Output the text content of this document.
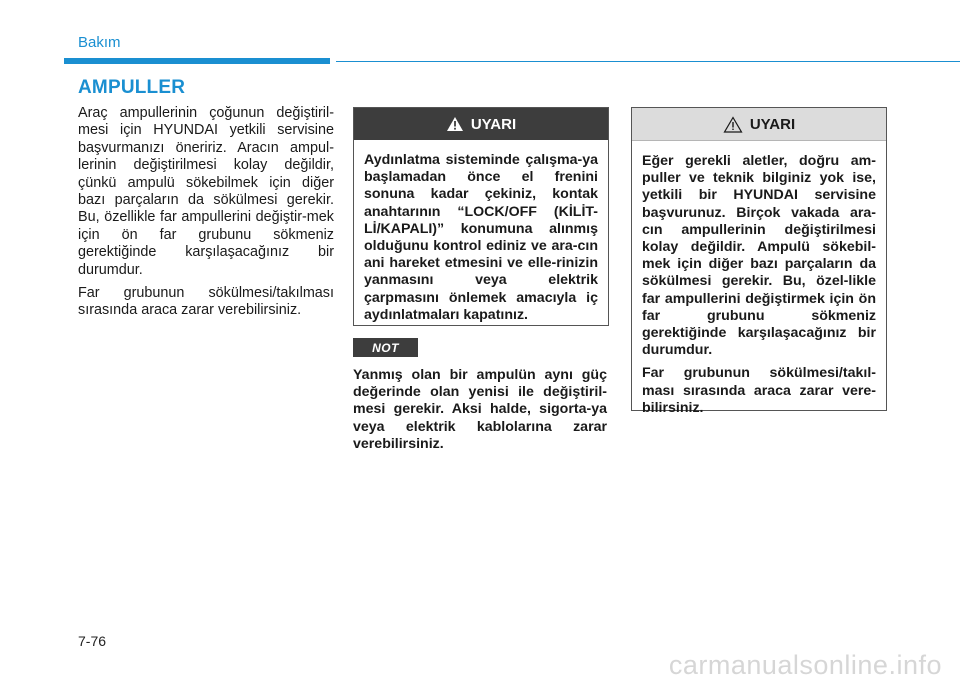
Bakım
AMPULLER

Araç ampullerinin çoğunun değiştiril-mesi için HYUNDAI yetkili servisine başvurmanızı öneririz. Aracın ampul-lerinin değiştirilmesi kolay değildir, çünkü ampulü sökebilmek için diğer bazı parçaların da sökülmesi gerekir. Bu, özellikle far ampullerini değiştir-mek için ön far grubunu sökmeniz gerektiğinde karşılaşacağınız bir durumdur.

Far grubunun sökülmesi/takılması sırasında araca zarar verebilirsiniz.

UYARI

Aydınlatma sisteminde çalışma-ya başlamadan önce el frenini sonuna kadar çekiniz, kontak anahtarının “LOCK/OFF (KİLİT-Lİ/KAPALI)” konumuna alınmış olduğunu kontrol ediniz ve ara-cın ani hareket etmesini ve elle-rinizin yanmasını veya elektrik çarpmasını önlemek amacıyla iç aydınlatmaları kapatınız.

NOT
Yanmış olan bir ampulün aynı güç değerinde olan yenisi ile değiştiril-mesi gerekir. Aksi halde, sigorta-ya veya elektrik kablolarına zarar verebilirsiniz.
UYARI

Eğer gerekli aletler, doğru am-puller ve teknik bilginiz yok ise, yetkili bir HYUNDAI servisine başvurunuz. Birçok vakada ara-cın ampullerinin değiştirilmesi kolay değildir. Ampulü sökebil-mek için diğer bazı parçaların da sökülmesi gerekir. Bu, özel-likle far ampullerini değiştirmek için ön far grubunu sökmeniz gerektiğinde karşılaşacağınız bir durumdur.

Far grubunun sökülmesi/takıl-ması sırasında araca zarar vere-bilirsiniz.

7-76
carmanualsonline.info
